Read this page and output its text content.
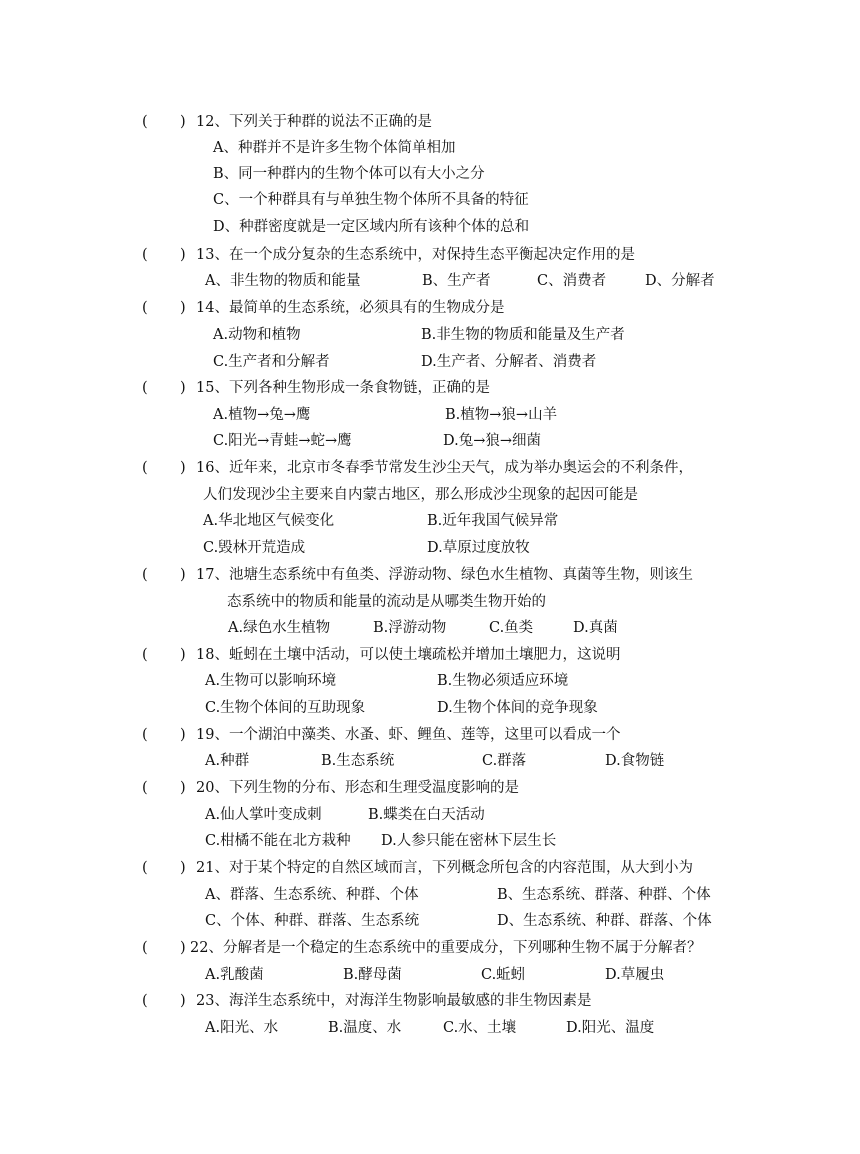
( ) 12、下列关于种群的说法不正确的是
A、种群并不是许多生物个体简单相加
B、同一种群内的生物个体可以有大小之分
C、一个种群具有与单独生物个体所不具备的特征
D、种群密度就是一定区域内所有该种个体的总和
( ) 13、在一个成分复杂的生态系统中，对保持生态平衡起决定作用的是
A、非生物的物质和能量	B、生产者	C、消费者	D、分解者
( ) 14、最简单的生态系统，必须具有的生物成分是
A.动物和植物	B.非生物的物质和能量及生产者
C.生产者和分解者	D.生产者、分解者、消费者
( ) 15、下列各种生物形成一条食物链，正确的是
A.植物→兔→鹰	B.植物→狼→山羊
C.阳光→青蛙→蛇→鹰	D.兔→狼→细菌
( ) 16、近年来，北京市冬春季节常发生沙尘天气，成为举办奥运会的不利条件，
人们发现沙尘主要来自内蒙古地区，那么形成沙尘现象的起因可能是
A.华北地区气候变化	B.近年我国气候异常
C.毁林开荒造成	D.草原过度放牧
( ) 17、池塘生态系统中有鱼类、浮游动物、绿色水生植物、真菌等生物，则该生
态系统中的物质和能量的流动是从哪类生物开始的
A.绿色水生植物	B.浮游动物	C.鱼类	D.真菌
( ) 18、蚯蚓在土壤中活动，可以使土壤疏松并增加土壤肥力，这说明
A.生物可以影响环境	B.生物必须适应环境
C.生物个体间的互助现象	D.生物个体间的竞争现象
( ) 19、一个湖泊中藻类、水蚤、虾、鲤鱼、莲等，这里可以看成一个
A.种群	B.生态系统	C.群落	D.食物链
( ) 20、下列生物的分布、形态和生理受温度影响的是
A.仙人掌叶变成刺	B.蝶类在白天活动
C.柑橘不能在北方栽种 D.人参只能在密林下层生长
( ) 21、对于某个特定的自然区域而言，下列概念所包含的内容范围，从大到小为
A、群落、生态系统、种群、个体	B、生态系统、群落、种群、个体
C、个体、种群、群落、生态系统	D、生态系统、种群、群落、个体
( ) 22、分解者是一个稳定的生态系统中的重要成分，下列哪种生物不属于分解者？
A.乳酸菌	B.酵母菌	C.蚯蚓	D.草履虫
( ) 23、海洋生态系统中，对海洋生物影响最敏感的非生物因素是
A.阳光、水	B.温度、水	C.水、土壤	D.阳光、温度
